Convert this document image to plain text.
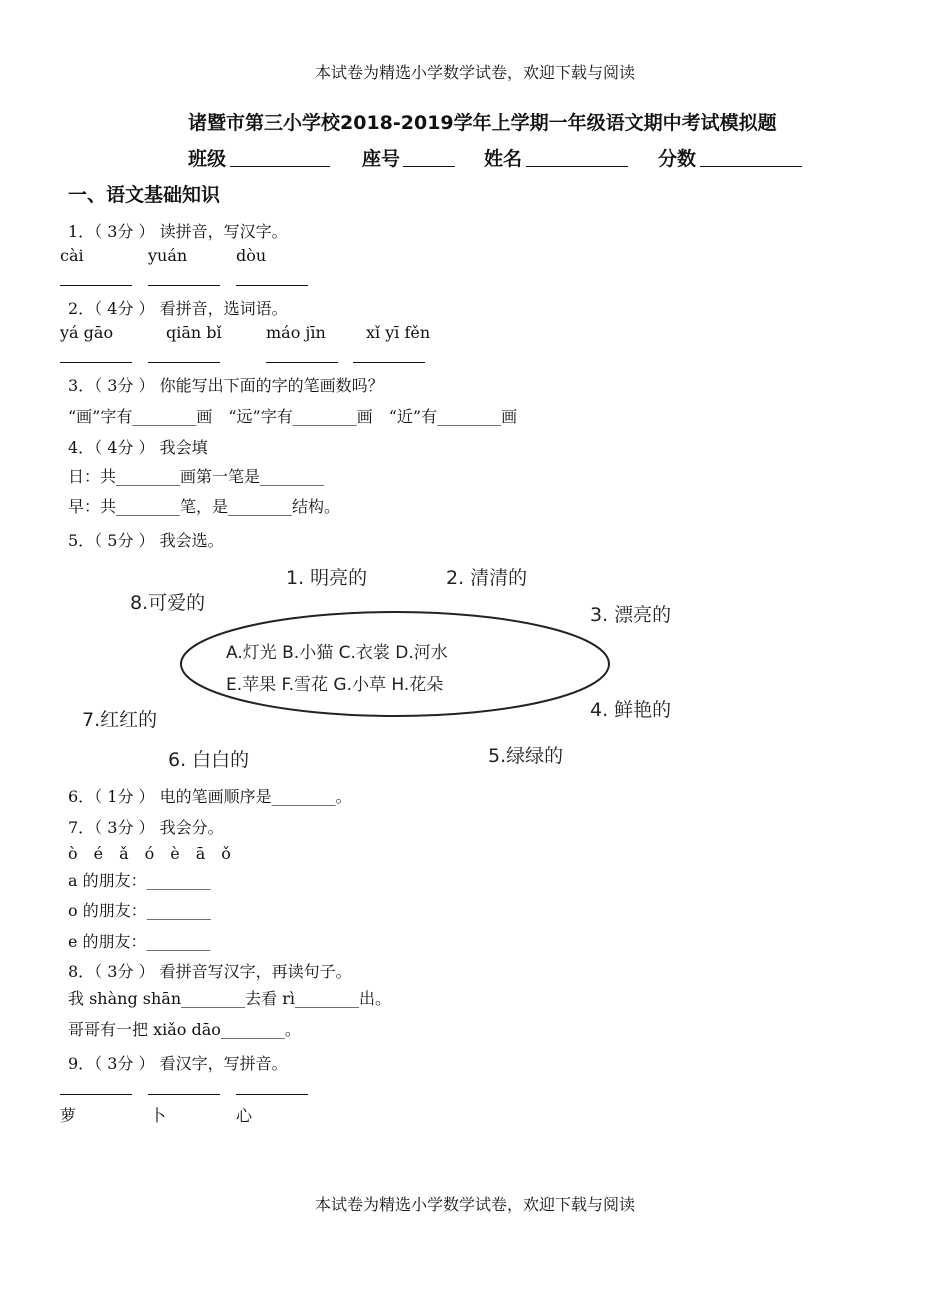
本试卷为精选小学数学试卷，欢迎下载与阅读
诸暨市第三小学校2018-2019学年上学期一年级语文期中考试模拟题
班级	座号	姓名	分数
一、语文基础知识
1．（ 3分 ） 读拼音，写汉字。
cài	yuán	dòu
2．（ 4分 ） 看拼音，选词语。
yá gāo	qiān bǐ	máo jīn	xǐ yī fěn
3．（ 3分 ） 你能写出下面的字的笔画数吗？
“画”字有________画　“远”字有________画　“近”有________画
4．（ 4分 ） 我会填
日：共________画第一笔是________
早：共________笔，是________结构。
5．（ 5分 ） 我会选。
1. 明亮的	2. 清清的
3. 漂亮的
4. 鲜艳的
5.绿绿的
6. 白白的
7.红红的
8.可爱的
A.灯光 B.小猫 C.衣裳 D.河水
E.苹果 F.雪花 G.小草 H.花朵
6．（ 1分 ） 电的笔画顺序是________。
7．（ 3分 ） 我会分。
ò　é　ǎ　ó　è　ā　ǒ
a 的朋友：________
o 的朋友：________
e 的朋友：________
8．（ 3分 ） 看拼音写汉字，再读句子。
我 shàng shān________去看 rì________出。
哥哥有一把 xiǎo dāo________。
9．（ 3分 ） 看汉字，写拼音。
萝	卜	心
本试卷为精选小学数学试卷，欢迎下载与阅读
